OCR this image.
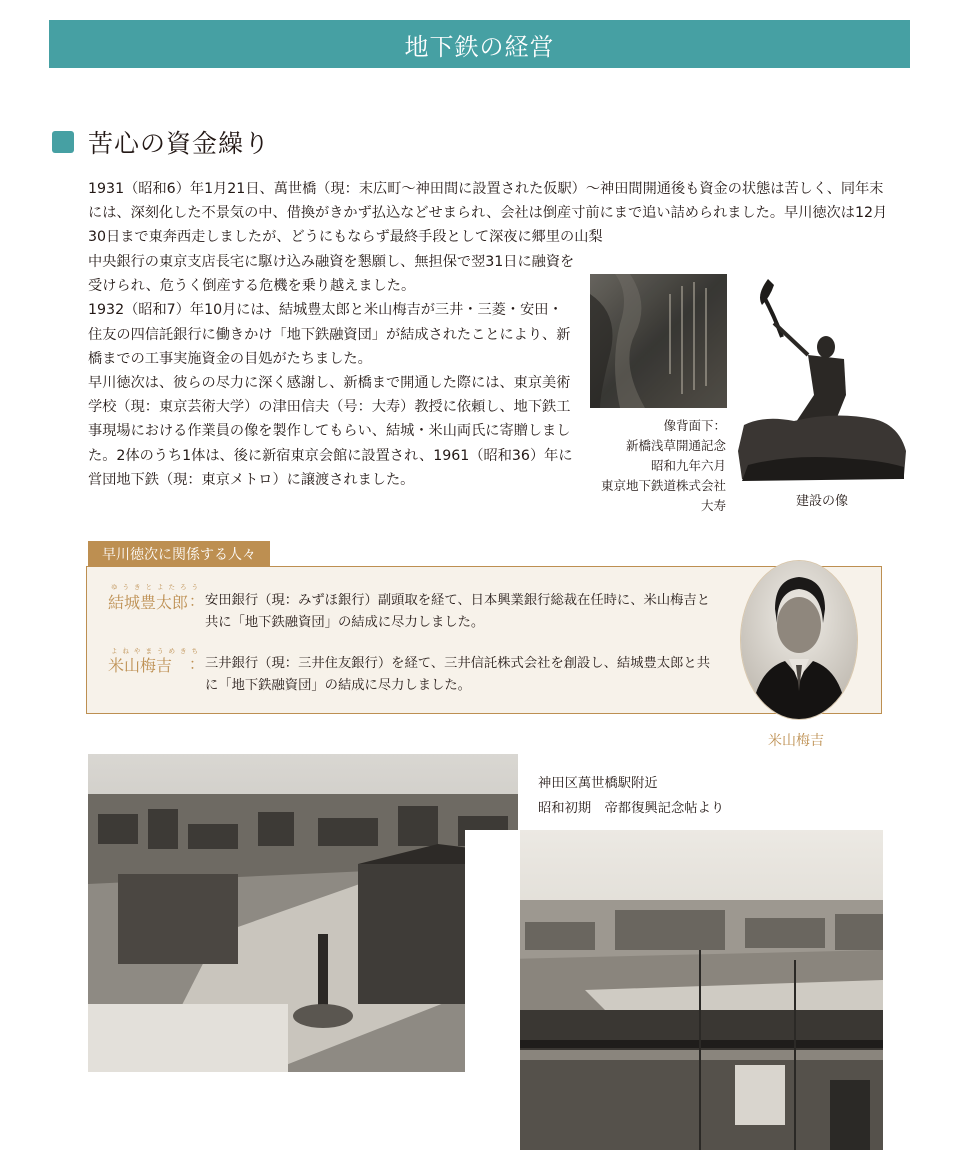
地下鉄の経営
苦心の資金繰り

1931（昭和6）年1月21日、萬世橋（現：末広町〜神田間に設置された仮駅）〜神田間開通後も資金の状態は苦しく、同年末には、深刻化した不景気の中、借換がきかず払込などせまられ、会社は倒産寸前にまで追い詰められました。早川徳次は12月30日まで東奔西走しましたが、どうにもならず最終手段として深夜に郷里の山梨

中央銀行の東京支店長宅に駆け込み融資を懇願し、無担保で翌31日に融資を受けられ、危うく倒産する危機を乗り越えました。
1932（昭和7）年10月には、結城豊太郎と米山梅吉が三井・三菱・安田・住友の四信託銀行に働きかけ「地下鉄融資団」が結成されたことにより、新橋までの工事実施資金の目処がたちました。
早川徳次は、彼らの尽力に深く感謝し、新橋まで開通した際には、東京美術学校（現：東京芸術大学）の津田信夫（号：大寿）教授に依頼し、地下鉄工事現場における作業員の像を製作してもらい、結城・米山両氏に寄贈しました。2体のうち1体は、後に新宿東京会館に設置され、1961（昭和36）年に営団地下鉄（現：東京メトロ）に譲渡されました。

像背面下：
新橋浅草開通記念
昭和九年六月
東京地下鉄道株式会社
大寿	建設の像
早川徳次に関係する人々
ゆうきとよたろう
結城豊太郎 ： 安田銀行（現：みずほ銀行）副頭取を経て、日本興業銀行総裁在任時に、米山梅吉と共に「地下鉄融資団」の結成に尽力しました。

よねやまうめきち
米山梅吉 ： 三井銀行（現：三井住友銀行）を経て、三井信託株式会社を創設し、結城豊太郎と共に「地下鉄融資団」の結成に尽力しました。

米山梅吉
神田区萬世橋駅附近
昭和初期　帝都復興記念帖より
